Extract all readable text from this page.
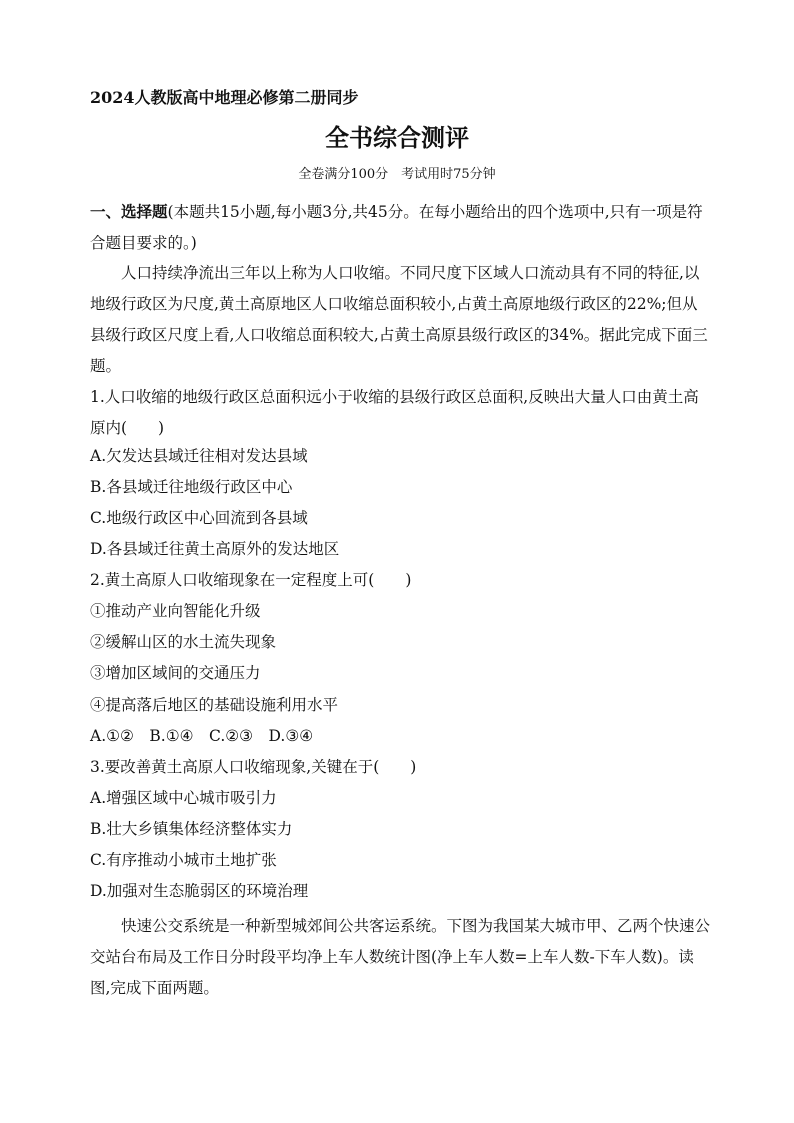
2024人教版高中地理必修第二册同步
全书综合测评
全卷满分100分　考试用时75分钟
一、选择题(本题共15小题,每小题3分,共45分。在每小题给出的四个选项中,只有一项是符合题目要求的。)
人口持续净流出三年以上称为人口收缩。不同尺度下区域人口流动具有不同的特征,以地级行政区为尺度,黄土高原地区人口收缩总面积较小,占黄土高原地级行政区的22%;但从县级行政区尺度上看,人口收缩总面积较大,占黄土高原县级行政区的34%。据此完成下面三题。
1.人口收缩的地级行政区总面积远小于收缩的县级行政区总面积,反映出大量人口由黄土高原内(　　)
A.欠发达县域迁往相对发达县域
B.各县域迁往地级行政区中心
C.地级行政区中心回流到各县域
D.各县域迁往黄土高原外的发达地区
2.黄土高原人口收缩现象在一定程度上可(　　)
①推动产业向智能化升级
②缓解山区的水土流失现象
③增加区域间的交通压力
④提高落后地区的基础设施利用水平
A.①②　B.①④　C.②③　D.③④
3.要改善黄土高原人口收缩现象,关键在于(　　)
A.增强区域中心城市吸引力
B.壮大乡镇集体经济整体实力
C.有序推动小城市土地扩张
D.加强对生态脆弱区的环境治理
快速公交系统是一种新型城郊间公共客运系统。下图为我国某大城市甲、乙两个快速公交站台布局及工作日分时段平均净上车人数统计图(净上车人数=上车人数-下车人数)。读图,完成下面两题。
